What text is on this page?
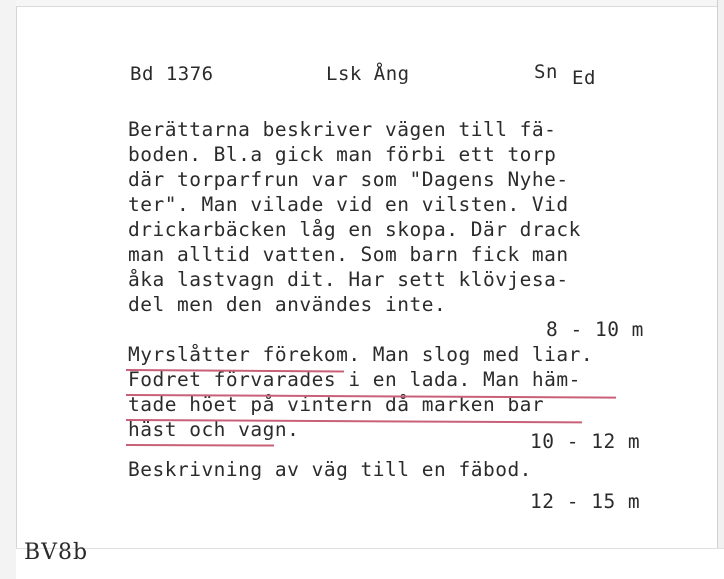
Bd 1376	Lsk Ång	Sn Ed
Berättarna beskriver vägen till fä-
boden. Bl.a gick man förbi ett torp
där torparfrun var som "Dagens Nyhe-
ter". Man vilade vid en vilsten. Vid
drickarbäcken låg en skopa. Där drack
man alltid vatten. Som barn fick man
åka lastvagn dit. Har sett klövjesa-
del men den användes inte.
8 - 10 m
Myrslåtter förekom. Man slog med liar.
Fodret förvarades i en lada. Man häm-
tade höet på vintern då marken bar
häst och vagn.
10 - 12 m
Beskrivning av väg till en fäbod.
12 - 15 m
BV8b
